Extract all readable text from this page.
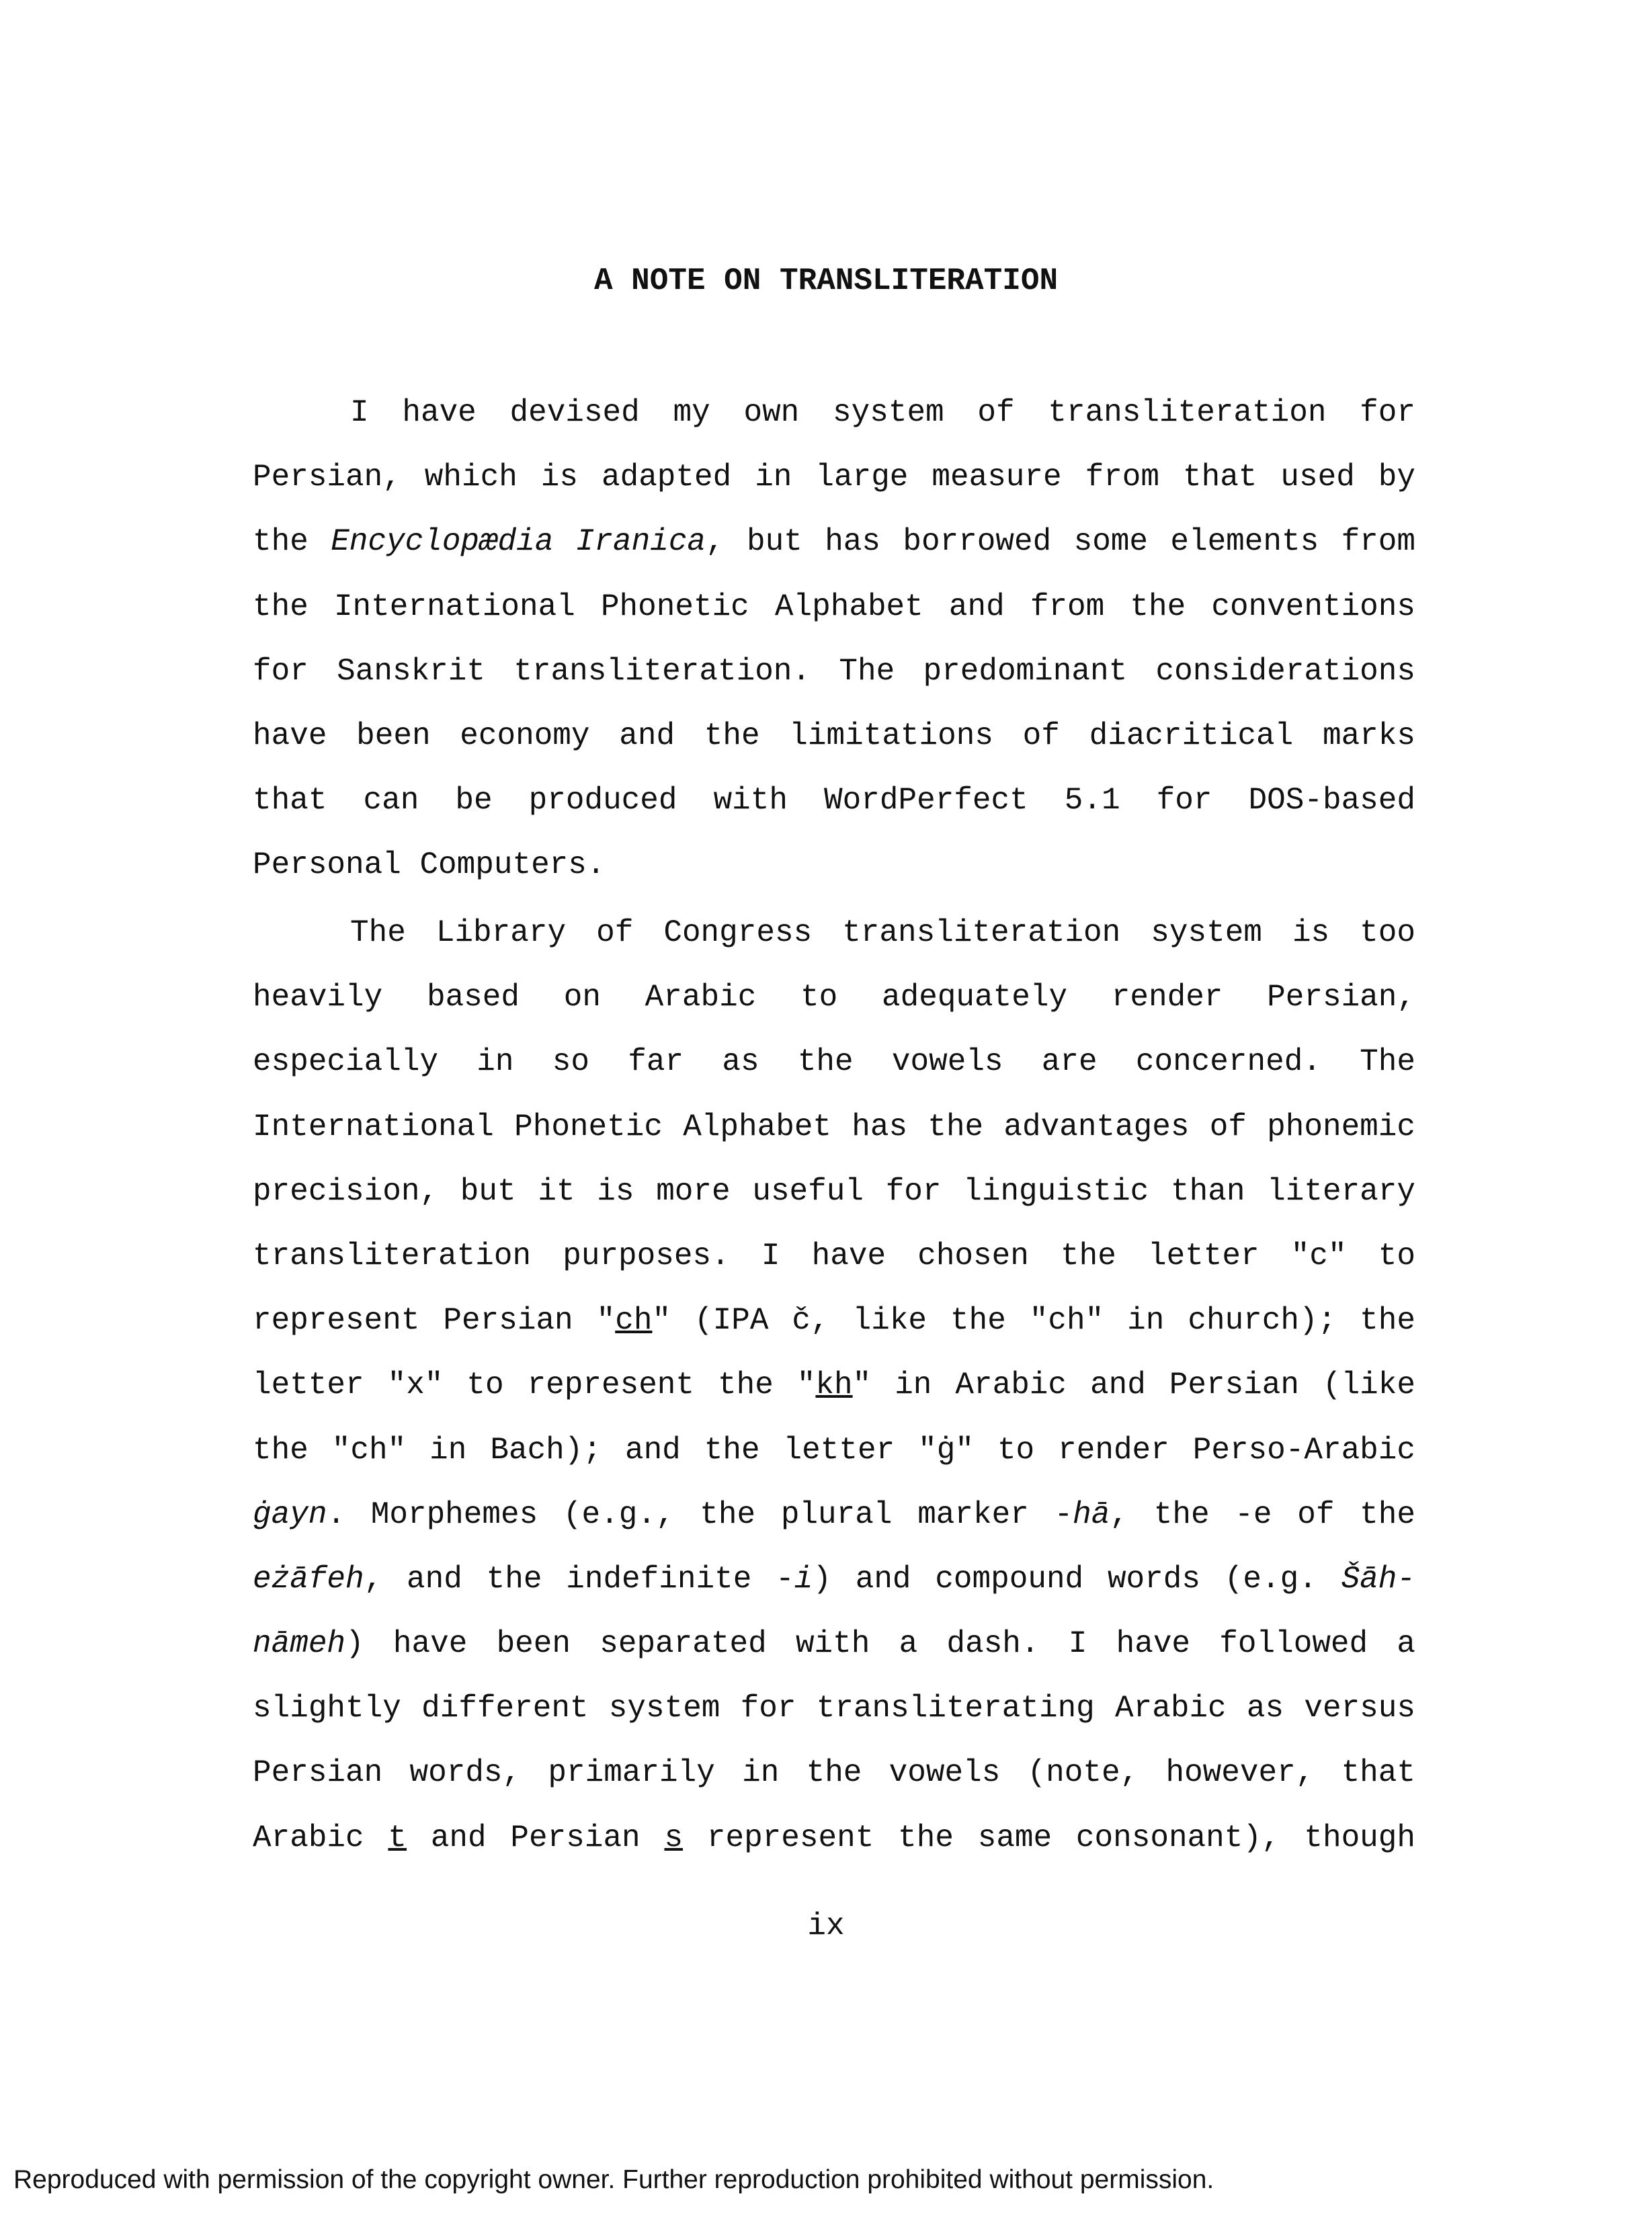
A NOTE ON TRANSLITERATION
I have devised my own system of transliteration for
Persian, which is adapted in large measure from that used by
the Encyclopædia Iranica, but has borrowed some elements from
the International Phonetic Alphabet and from the conventions
for Sanskrit transliteration. The predominant considerations
have been economy and the limitations of diacritical marks
that can be produced with WordPerfect 5.1 for DOS-based
Personal Computers.
The Library of Congress transliteration system is too
heavily based on Arabic to adequately render Persian,
especially in so far as the vowels are concerned. The
International Phonetic Alphabet has the advantages of phonemic
precision, but it is more useful for linguistic than literary
transliteration purposes. I have chosen the letter "c" to
represent Persian "ch" (IPA č, like the "ch" in church); the
letter "x" to represent the "kh" in Arabic and Persian (like
the "ch" in Bach); and the letter "ġ" to render Perso-Arabic
ġayn. Morphemes (e.g., the plural marker -hā, the -e of the
eżāfeh, and the indefinite -i) and compound words (e.g. Šāh-
nāmeh) have been separated with a dash. I have followed a
slightly different system for transliterating Arabic as versus
Persian words, primarily in the vowels (note, however, that
Arabic t and Persian s represent the same consonant), though
ix
Reproduced with permission of the copyright owner. Further reproduction prohibited without permission.
